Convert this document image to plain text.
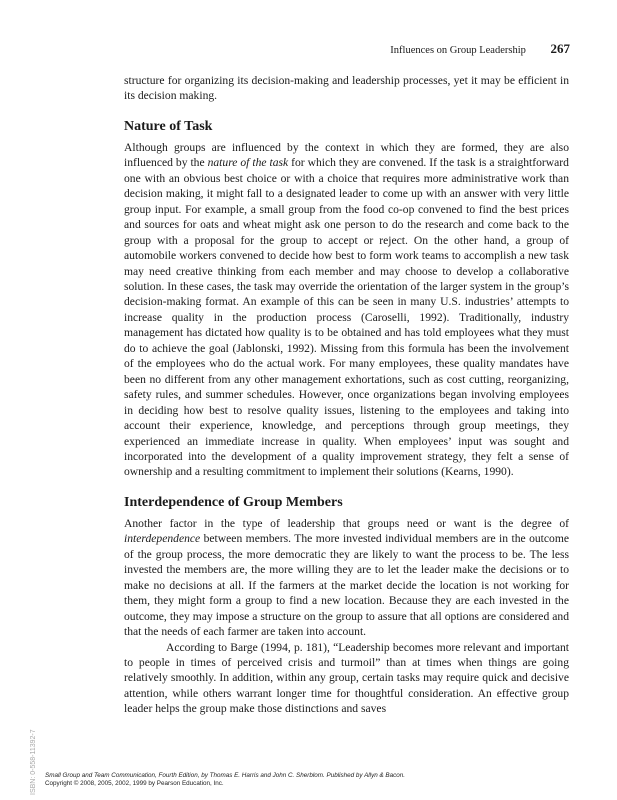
Influences on Group Leadership 267

structure for organizing its decision-making and leadership processes, yet it may be efficient in its decision making.

Nature of Task

Although groups are influenced by the context in which they are formed, they are also influenced by the nature of the task for which they are convened. If the task is a straightforward one with an obvious best choice or with a choice that requires more administrative work than decision making, it might fall to a designated leader to come up with an answer with very little group input. For example, a small group from the food co-op convened to find the best prices and sources for oats and wheat might ask one person to do the research and come back to the group with a proposal for the group to accept or reject. On the other hand, a group of automobile workers convened to decide how best to form work teams to accomplish a new task may need creative thinking from each member and may choose to develop a collaborative solution. In these cases, the task may override the orientation of the larger system in the group’s decision-making format. An example of this can be seen in many U.S. industries’ attempts to increase quality in the production process (Caroselli, 1992). Traditionally, industry management has dictated how quality is to be obtained and has told employees what they must do to achieve the goal (Jablonski, 1992). Missing from this formula has been the involvement of the employees who do the actual work. For many employees, these quality mandates have been no different from any other management exhortations, such as cost cutting, reorganizing, safety rules, and summer schedules. However, once organizations began involving employees in deciding how best to resolve quality issues, listening to the employees and taking into account their experience, knowledge, and perceptions through group meetings, they experienced an immediate increase in quality. When employees’ input was sought and incorporated into the development of a quality improvement strategy, they felt a sense of ownership and a resulting commitment to implement their solutions (Kearns, 1990).

Interdependence of Group Members

Another factor in the type of leadership that groups need or want is the degree of interdependence between members. The more invested individual members are in the outcome of the group process, the more democratic they are likely to want the process to be. The less invested the members are, the more willing they are to let the leader make the decisions or to make no decisions at all. If the farmers at the market decide the location is not working for them, they might form a group to find a new location. Because they are each invested in the outcome, they may impose a structure on the group to assure that all options are considered and that the needs of each farmer are taken into account.

According to Barge (1994, p. 181), “Leadership becomes more relevant and important to people in times of perceived crisis and turmoil” than at times when things are going relatively smoothly. In addition, within any group, certain tasks may require quick and decisive attention, while others warrant longer time for thoughtful consideration. An effective group leader helps the group make those distinctions and saves

ISBN: 0-558-11392-7 Small Group and Team Communication, Fourth Edition, by Thomas E. Harris and John C. Sherblom. Published by Allyn & Bacon.
Copyright © 2008, 2005, 2002, 1999 by Pearson Education, Inc.
